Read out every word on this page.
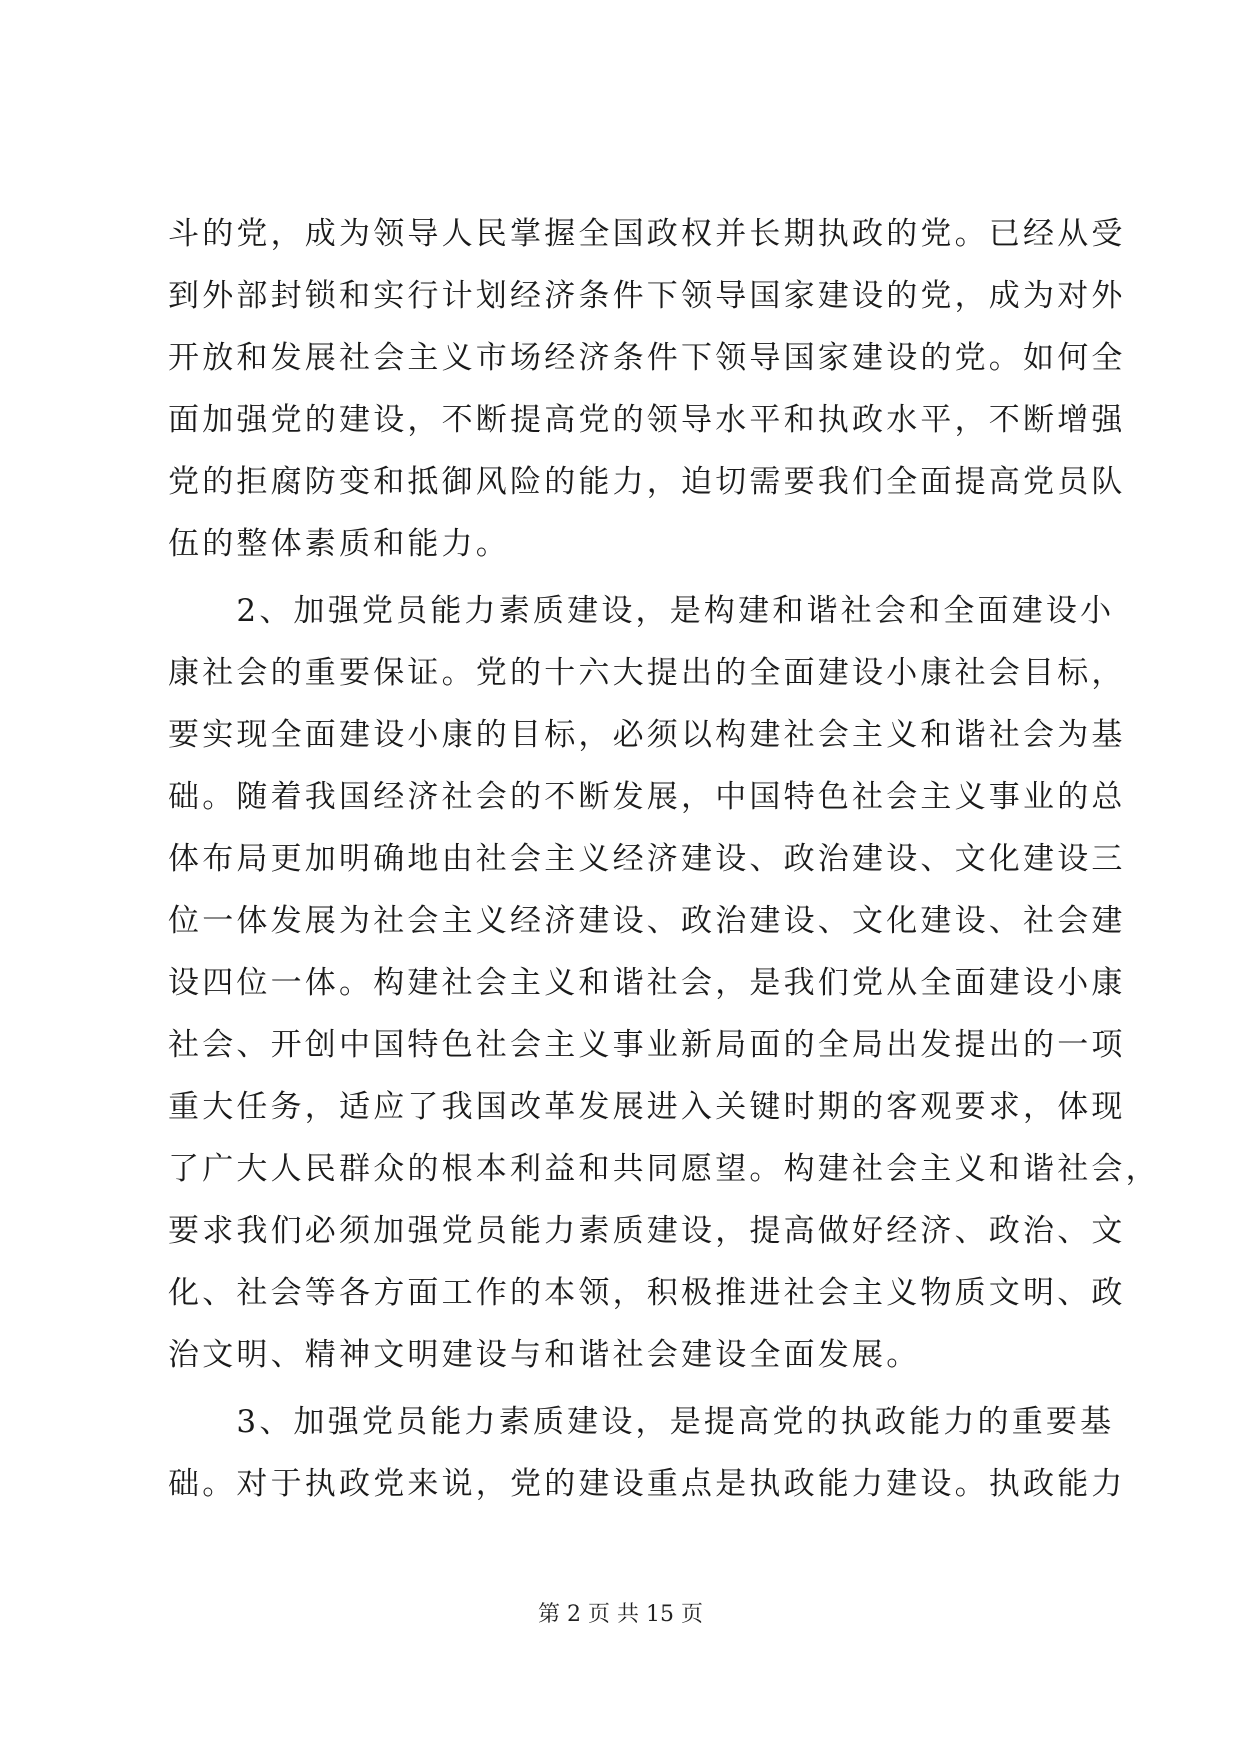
斗的党，成为领导人民掌握全国政权并长期执政的党。已经从受
到外部封锁和实行计划经济条件下领导国家建设的党，成为对外
开放和发展社会主义市场经济条件下领导国家建设的党。如何全
面加强党的建设，不断提高党的领导水平和执政水平，不断增强
党的拒腐防变和抵御风险的能力，迫切需要我们全面提高党员队
伍的整体素质和能力。
　　2、加强党员能力素质建设，是构建和谐社会和全面建设小
康社会的重要保证。党的十六大提出的全面建设小康社会目标，
要实现全面建设小康的目标，必须以构建社会主义和谐社会为基
础。随着我国经济社会的不断发展，中国特色社会主义事业的总
体布局更加明确地由社会主义经济建设、政治建设、文化建设三
位一体发展为社会主义经济建设、政治建设、文化建设、社会建
设四位一体。构建社会主义和谐社会，是我们党从全面建设小康
社会、开创中国特色社会主义事业新局面的全局出发提出的一项
重大任务，适应了我国改革发展进入关键时期的客观要求，体现
了广大人民群众的根本利益和共同愿望。构建社会主义和谐社会，
要求我们必须加强党员能力素质建设，提高做好经济、政治、文
化、社会等各方面工作的本领，积极推进社会主义物质文明、政
治文明、精神文明建设与和谐社会建设全面发展。
　　3、加强党员能力素质建设，是提高党的执政能力的重要基
础。对于执政党来说，党的建设重点是执政能力建设。执政能力
第 2 页 共 15 页
